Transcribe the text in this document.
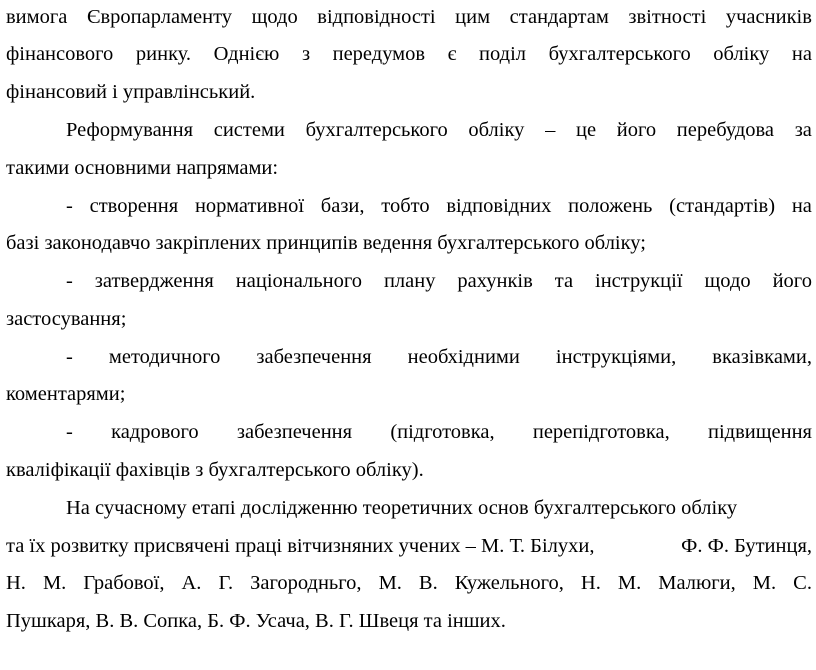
вимога Європарламенту щодо відповідності цим стандартам звітності учасників
фінансового ринку. Однією з передумов є поділ бухгалтерського обліку на
фінансовий і управлінський.
Реформування системи бухгалтерського обліку – це його перебудова за
такими основними напрямами:
- створення нормативної бази, тобто відповідних положень (стандартів) на
базі законодавчо закріплених принципів ведення бухгалтерського обліку;
- затвердження національного плану рахунків та інструкції щодо його
застосування;
- методичного забезпечення необхідними інструкціями, вказівками,
коментарями;
- кадрового забезпечення (підготовка, перепідготовка, підвищення
кваліфікації фахівців з бухгалтерського обліку).
На сучасному етапі дослідженню теоретичних основ бухгалтерського обліку
та їх розвитку присвячені праці вітчизняних учених – М. Т. Білухи,	Ф. Ф. Бутинця,
Н. М. Грабової, А. Г. Загородньго, М. В. Кужельного, Н. М. Малюги, М. С.
Пушкаря, В. В. Сопка, Б. Ф. Усача, В. Г. Швеця та інших.
